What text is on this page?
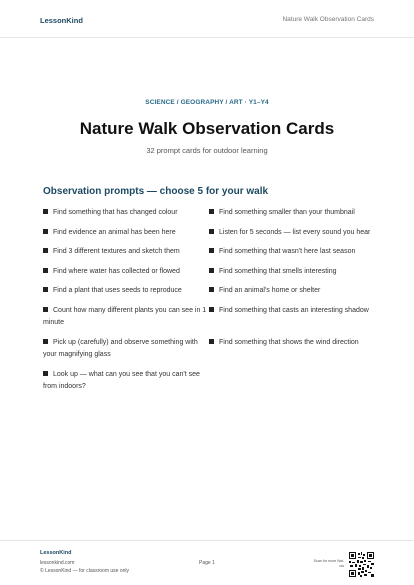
LessonKind	Nature Walk Observation Cards
SCIENCE / GEOGRAPHY / ART · Y1–Y4
Nature Walk Observation Cards
32 prompt cards for outdoor learning
Observation prompts — choose 5 for your walk
Find something that has changed colour	Find something smaller than your thumbnail
Find evidence an animal has been here	Listen for 5 seconds — list every sound you hear
Find 3 different textures and sketch them	Find something that wasn't here last season
Find where water has collected or flowed	Find something that smells interesting
Find a plant that uses seeds to reproduce	Find an animal's home or shelter
Count how many different plants you can see in 1 minute
Find something that casts an interesting shadow
Pick up (carefully) and observe something with your magnifying glass
Find something that shows the wind direction
Look up — what can you see that you can't see from indoors?
LessonKind
lessonkind.com
© LessonKind — for classroom use only
Page 1	Scan for more Nat-uw
